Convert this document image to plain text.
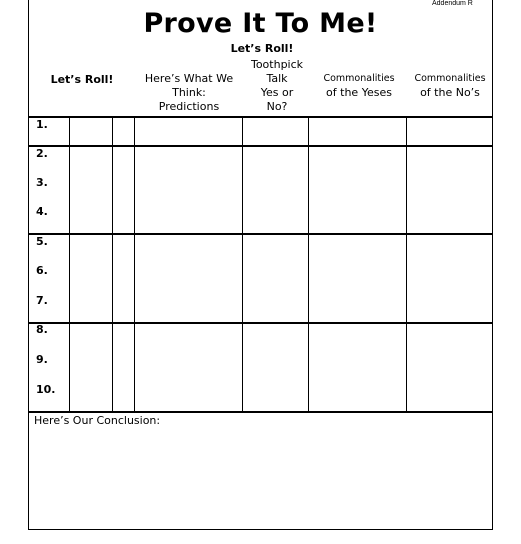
Addendum R
Prove It To Me!
Let’s Roll!
Let’s Roll!	Here’s What We
Think:
Predictions
Toothpick
Talk
Yes or
No?
Commonalities
of the Yeses
Commonalities
of the No’s
1.
2.
3.
4.
5.
6.
7.
8.
9.
10.
Here’s Our Conclusion:
